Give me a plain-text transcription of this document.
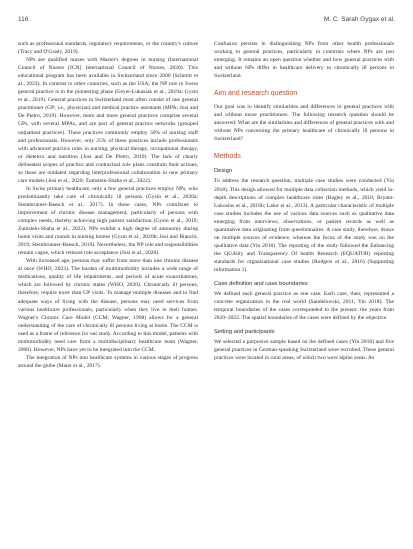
116	M. C. Sarah Gygax et al.

such as professional standards, regulatory requirements, or the country's culture (Tracy and O'Grady, 2019).

NPs are qualified nurses with Master's degrees in nursing (International Council of Nurses [ICN] International Council of Nurses, 2020). This educational program has been available in Switzerland since 2000 (Schmitt et al., 2023). In contrast to other countries, such as the USA, the NP role in Swiss general practice is in the pioneering phase (Geyer-Lukasiak et al., 2019a; Gysin et al., 2019). General practices in Switzerland most often consist of one general practitioner (GP; i.e., physician) and medical practice assistants (MPA; Josi and De Pietro, 2019). However, more and more general practices comprise several GPs, with several MPAs, and are part of general practice networks (grouped outpatient practices). These practices commonly employ 50% of nursing staff and professionals. However, only 25% of these practices include professionals with advanced practice roles in nursing, physical therapy, occupational therapy, or dietetics and nutrition (Josi and De Pietro, 2019). The lack of clearly delineated scopes of practice and contractual role plans constrain their actions, so these are outdated regarding interprofessional collaboration in new primary care models (Josi et al., 2020; Zumstein-Shaha et al., 2022).

In Swiss primary healthcare, only a few general practices employ NPs, who predominantly take care of chronically ill persons (Gysin et al., 2020a; Steinbrunner-Baesch et al., 2017). In these cases, NPs contribute to improvement of chronic disease management, particularly of persons with complex needs, thereby achieving high patient satisfaction (Gysin et al., 2019; Zumstein-Shaha et al., 2022). NPs exhibit a high degree of autonomy during home visits and rounds in nursing homes (Gysin et al., 2020b; Josi and Bianchi, 2019; Steinbrunner-Baesch, 2019). Nevertheless, the NP role and responsibilities remain vague, which reduces role acceptance (Josi et al., 2020).

With increased age, persons may suffer from more than one chronic disease at once (WHO, 2023). The burden of multimorbidity includes a wide range of medications, quality of life impairments, and periods of acute exacerbations, which are followed by chronic states (WHO, 2020). Chronically ill persons, therefore, require more than GP visits. To manage multiple diseases and to find adequate ways of living with the disease, persons may need services from various healthcare professionals, particularly when they live in their homes. Wagner's Chronic Care Model (CCM; Wagner, 1998) allows for a general understanding of the care of chronically ill persons living at home. The CCM is used as a frame of reference for our study. According to this model, patients with multimorbidity need care from a multidisciplinary healthcare team (Wagner, 2000). However, NPs have yet to be integrated into the CCM.

The integration of NPs into healthcare systems in various stages of progress around the globe (Maier et al., 2017).

Confusion persists in distinguishing NPs from other health professionals working in general practices, particularly in countries where NPs are just emerging. It remains an open question whether and how general practices with and without NPs differ in healthcare delivery to chronically ill persons in Switzerland.

Aim and research question

Our goal was to identify similarities and differences in general practices with and without nurse practitioners. The following research question should be answered: What are the similarities and differences of general practices with and without NPs concerning the primary healthcare of chronically ill persons in Switzerland?

Methods
Design

To address the research question, multiple case studies were conducted (Yin 2018). This design allowed for multiple data collection methods, which yield in-depth descriptions of complex healthcare roles (Bagley et al., 2010; Bryant-Lukosius et al., 2016b; Lalor et al., 2013). A particular characteristic of multiple case studies includes the use of various data sources such as qualitative data emerging from interviews, observations, or patient records as well as quantitative data originating from questionnaires. A case study, therefore, draws on multiple sources of evidence, whereas the focus of the study was on the qualitative data (Yin 2018). The reporting of the study followed the Enhancing the QUAlity and Transparency Of health Research (EQUATOR) reporting standards for organizational case studies (Rodgers et al., 2016) (Supporting information 1).

Case definition and case boundaries

We defined each general practice as one case. Each case, then, represented a concrete organization in the real world (Sandelowski, 2011; Yin 2018). The temporal boundaries of the cases corresponded to the present: the years from 2020–2022. The spatial boundaries of the cases were defined by the objective.

Setting and participants

We selected a purposive sample based on the defined cases (Yin 2018) and five general practices in German-speaking Switzerland were recruited. These general practices were located in rural areas, of which two were alpine areas. As
